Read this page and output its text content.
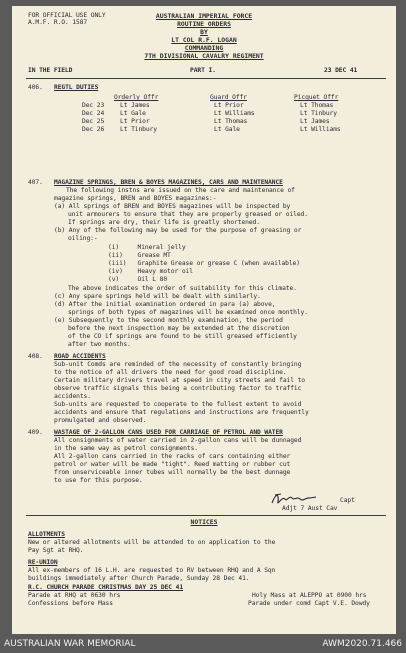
FOR OFFICIAL USE ONLY
A.M.F. R.O. 1587
AUSTRALIAN IMPERIAL FORCE
ROUTINE ORDERS
BY
LT COL R.F. LOGAN
COMMANDING
7TH DIVISIONAL CAVALRY REGIMENT
IN THE FIELD	PART I.	23 DEC 41
406. REGTL DUTIES
Orderly Offr	Guard Offr	Picquet Offr
Dec 23	Lt James	Lt Prior	Lt Thomas
Dec 24	Lt Gale	Lt Williams	Lt Tinbury
Dec 25	Lt Prior	Lt Thomas	Lt James
Dec 26	Lt Tinbury	Lt Gale	Lt Williams
407. MAGAZINE SPRINGS, BREN & BOYES MAGAZINES, CARS AND MAINTENANCE
The following instns are issued on the care and maintenance of
magazine springs, BREN and BOYES magazines:-
(a) All springs of BREN and BOYES magazines will be inspected by
unit armourers to ensure that they are properly greased or oiled.
If springs are dry, their life is greatly shortened.
(b) Any of the following may be used for the purpose of greasing or
oiling:-
(i)     Mineral jelly
(ii)    Grease MT
(iii)   Graphite Grease or grease C (when available)
(iv)    Heavy motor oil
(v)     Oil L 80
The above indicates the order of suitability for this climate.
(c) Any spare springs held will be dealt with similarly.
(d) After the initial examination ordered in para (a) above,
springs of both types of magazines will be examined once monthly.
(e) Subsequently to the second monthly examination, the period
before the next inspection may be extended at the discretion
of the CO if springs are found to be still greased efficiently
after two months.
408. ROAD ACCIDENTS
Sub-unit Comds are reminded of the necessity of constantly bringing
to the notice of all drivers the need for good road discipline.
Certain military drivers travel at speed in city streets and fail to
observe traffic signals this being a contributing factor to traffic
accidents.
Sub-units are requested to cooperate to the fullest extent to avoid
accidents and ensure that regulations and instructions are frequently
promulgated and observed.
409. WASTAGE OF 2-GALLON CANS USED FOR CARRIAGE OF PETROL AND WATER
All consignments of water carried in 2-gallon cans will be dunnaged
in the same way as petrol consignments.
All 2-gallon cans carried in the racks of cars containing either
petrol or water will be made "tight". Reed matting or rubber cut
from unserviceable inner tubes will normally be the best dunnage
to use for this purpose.
Capt
Adjt 7 Aust Cav
NOTICES
ALLOTMENTS
New or altered allotments will be attended to on application to the
Pay Sgt at RHQ.
RE-UNION
All ex-members of 16 L.H. are requested to RV between RHQ and A Sqn
buildings immediately after Church Parade, Sunday 28 Dec 41.
R.C. CHURCH PARADE CHRISTMAS DAY 25 DEC 41
Parade at RHQ at 0630 hrs
Confessions before Mass
Holy Mass at ALEPPO at 0900 hrs
Parade under comd Capt V.E. Dowdy
AUSTRALIAN WAR MEMORIAL	AWM2020.71.466
